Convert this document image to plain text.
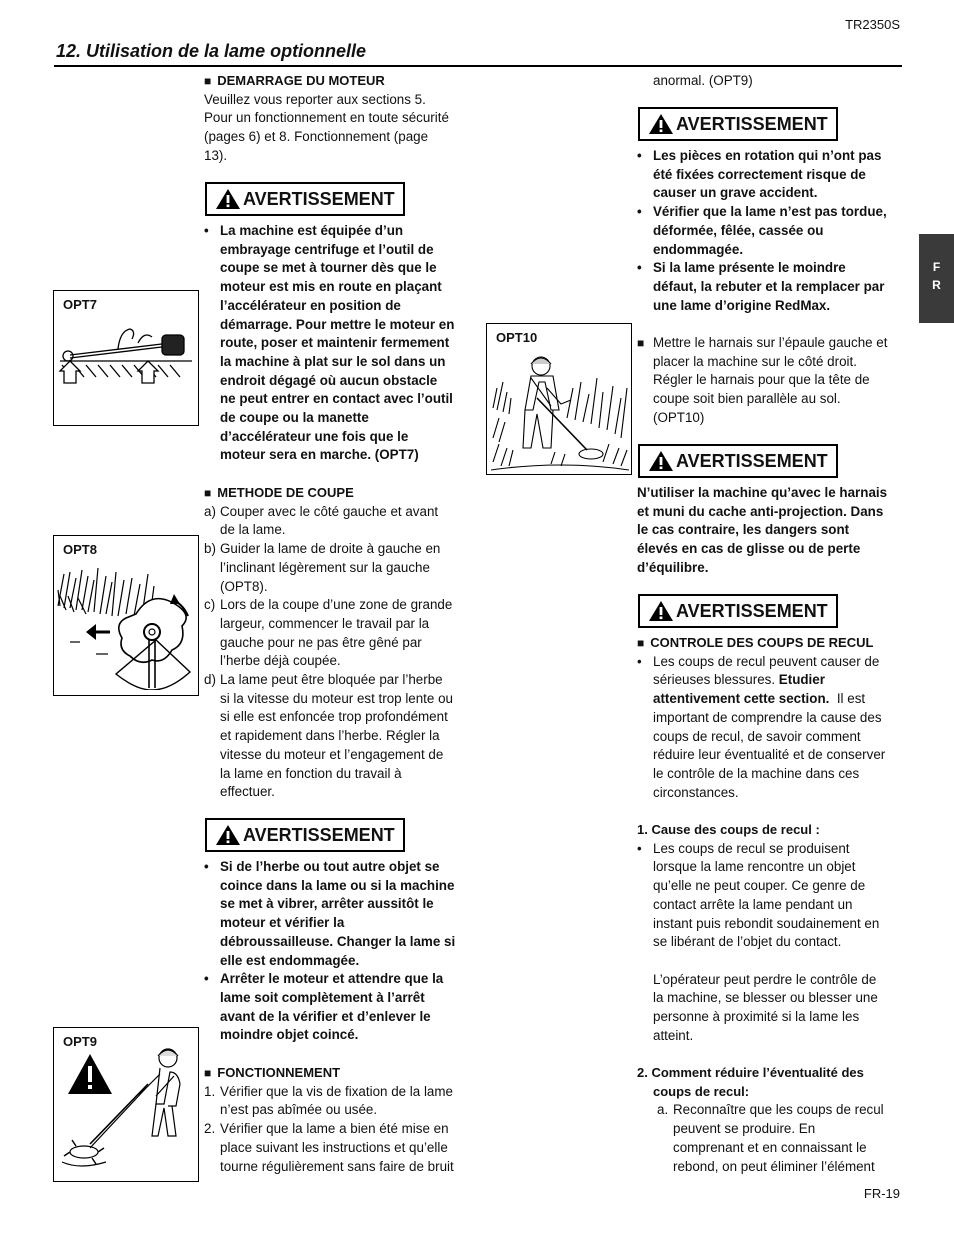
TR2350S
12. Utilisation de la lame optionnelle
FR-19
F
R

■ DEMARRAGE DU MOTEUR

Veuillez vous reporter aux sections 5.

Pour un fonctionnement en toute sécurité

(pages 6) et 8. Fonctionnement (page

13).

AVERTISSEMENT

• La machine est équipée d’un

embrayage centrifuge et l’outil de

coupe se met à tourner dès que le

moteur est mis en route en plaçant

l’accélérateur en position de

démarrage. Pour mettre le moteur en

route, poser et maintenir fermement

la machine à plat sur le sol dans un

endroit dégagé où aucun obstacle

ne peut entrer en contact avec l’outil

de coupe ou la manette

d’accélérateur une fois que le

moteur sera en marche. (OPT7)

■ METHODE DE COUPE

a) Couper avec le côté gauche et avant

de la lame.

b) Guider la lame de droite à gauche en

l’inclinant légèrement sur la gauche

(OPT8).

c) Lors de la coupe d’une zone de grande

largeur, commencer le travail par la

gauche pour ne pas être gêné par

l’herbe déjà coupée.

d) La lame peut être bloquée par l’herbe

si la vitesse du moteur est trop lente ou

si elle est enfoncée trop profondément

et rapidement dans l’herbe. Régler la

vitesse du moteur et l’engagement de

la lame en fonction du travail à

effectuer.

AVERTISSEMENT

• Si de l’herbe ou tout autre objet se

coince dans la lame ou si la machine

se met à vibrer, arrêter aussitôt le

moteur et vérifier la

débroussailleuse. Changer la lame si

elle est endommagée.

• Arrêter le moteur et attendre que la

lame soit complètement à l’arrêt

avant de la vérifier et d’enlever le

moindre objet coincé.

■ FONCTIONNEMENT

1. Vérifier que la vis de fixation de la lame

n’est pas abîmée ou usée.

2. Vérifier que la lame a bien été mise en

place suivant les instructions et qu’elle

tourne régulièrement sans faire de bruit

OPT7
OPT8
OPT9

anormal. (OPT9)

AVERTISSEMENT

• Les pièces en rotation qui n’ont pas

été fixées correctement risque de

causer un grave accident.

• Vérifier que la lame n’est pas tordue,

déformée, fêlée, cassée ou

endommagée.

• Si la lame présente le moindre

défaut, la rebuter et la remplacer par

une lame d’origine RedMax.

OPT10	■ Mettre le harnais sur l’épaule gauche et

placer la machine sur le côté droit.

Régler le harnais pour que la tête de

coupe soit bien parallèle au sol.

(OPT10)

AVERTISSEMENT

N’utiliser la machine qu’avec le harnais

et muni du cache anti-projection. Dans

le cas contraire, les dangers sont

élevés en cas de glisse ou de perte

d’équilibre.

AVERTISSEMENT

■ CONTROLE DES COUPS DE RECUL

• Les coups de recul peuvent causer de

sérieuses blessures. Etudier

attentivement cette section. Il est

important de comprendre la cause des

coups de recul, de savoir comment

réduire leur éventualité et de conserver

le contrôle de la machine dans ces

circonstances.

1. Cause des coups de recul :

• Les coups de recul se produisent

lorsque la lame rencontre un objet

qu’elle ne peut couper. Ce genre de

contact arrête la lame pendant un

instant puis rebondit soudainement en

se libérant de l’objet du contact.

L’opérateur peut perdre le contrôle de

la machine, se blesser ou blesser une

personne à proximité si la lame les

atteint.

2. Comment réduire l’éventualité des

coups de recul:

a. Reconnaître que les coups de recul

peuvent se produire. En

comprenant et en connaissant le

rebond, on peut éliminer l’élément
